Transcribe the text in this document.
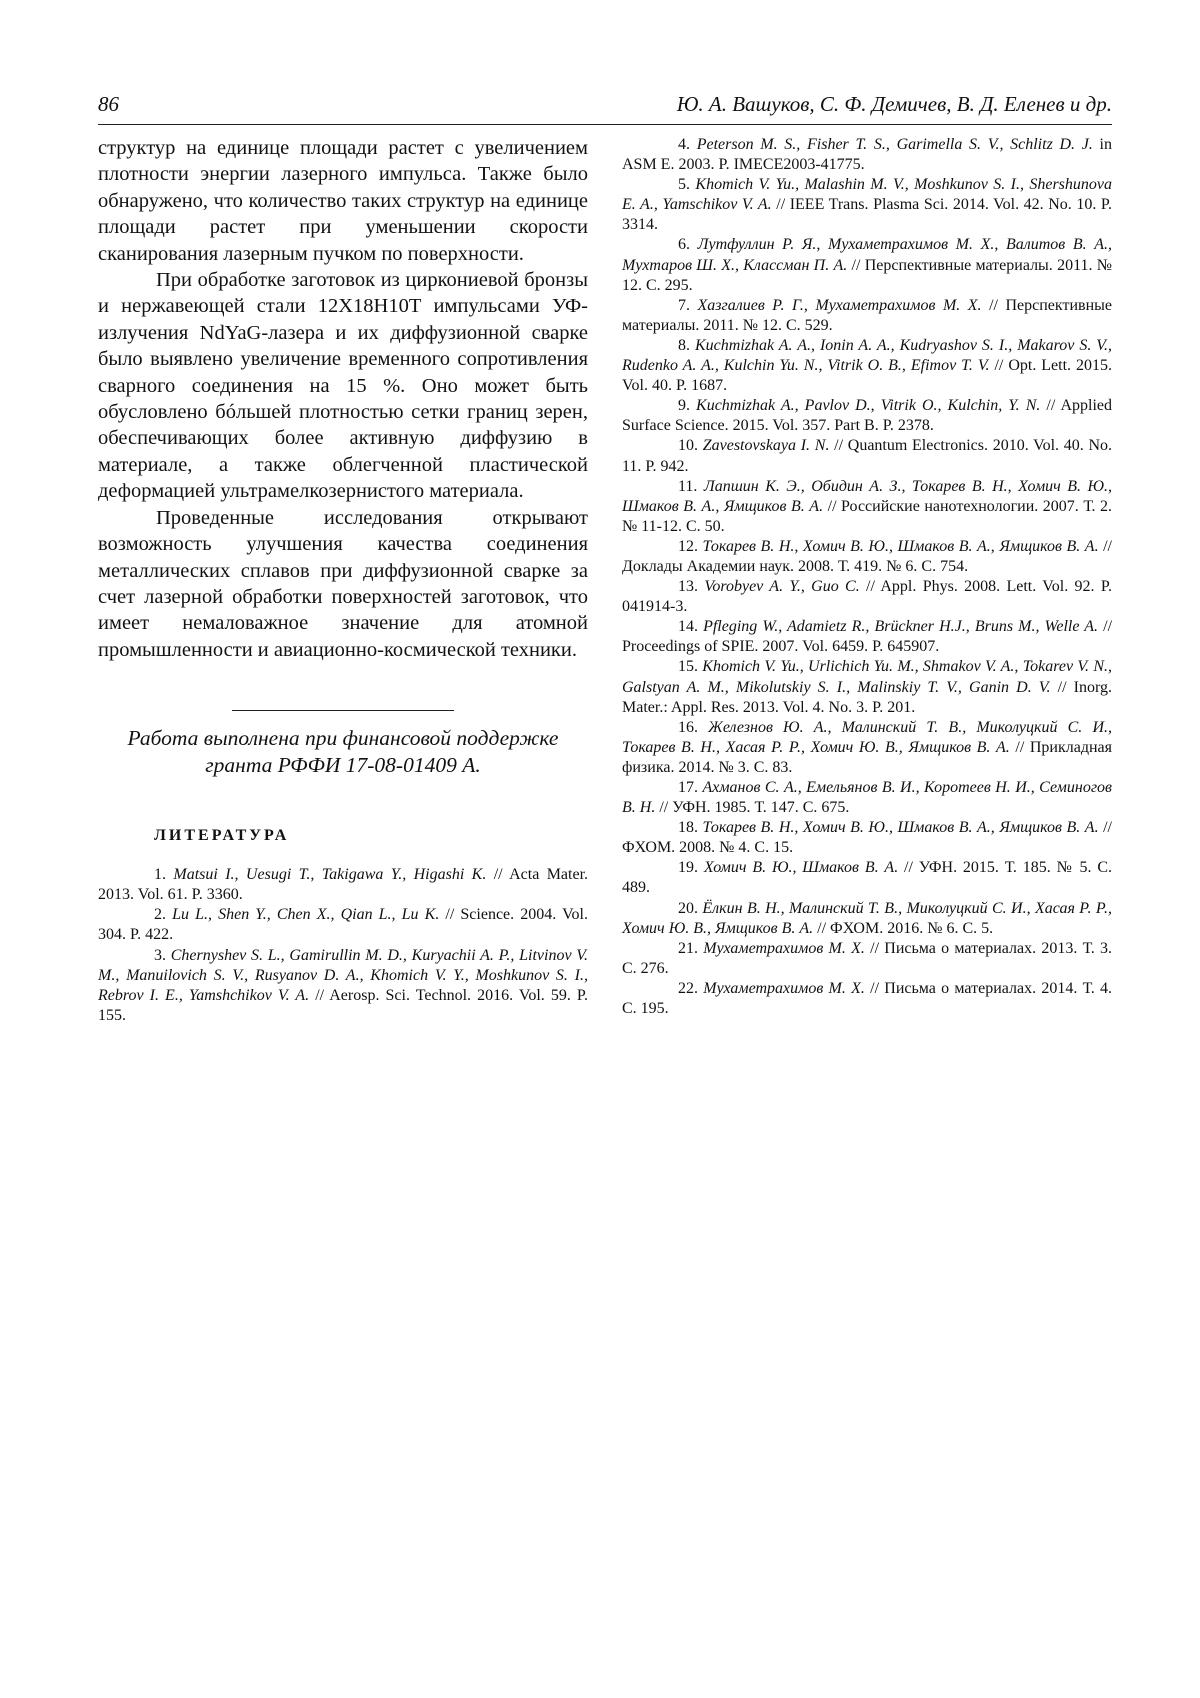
86	Ю. А. Вашуков, С. Ф. Демичев, В. Д. Еленев и др.

структур на единице площади растет с увеличением плотности энергии лазерного импульса. Также было обнаружено, что количество таких структур на единице площади растет при уменьшении скорости сканирования лазерным пучком по поверхности.

При обработке заготовок из циркониевой бронзы и нержавеющей стали 12Х18Н10Т импульсами УФ-излучения NdYaG-лазера и их диффузионной сварке было выявлено увеличение временного сопротивления сварного соединения на 15 %. Оно может быть обусловлено бóльшей плотностью сетки границ зерен, обеспечивающих более активную диффузию в материале, а также облегченной пластической деформацией ультрамелкозернистого материала.

Проведенные исследования открывают возможность улучшения качества соединения металлических сплавов при диффузионной сварке за счет лазерной обработки поверхностей заготовок, что имеет немаловажное значение для атомной промышленности и авиационно-космической техники.

Работа выполнена при финансовой поддержке гранта РФФИ 17-08-01409 А.

ЛИТЕРАТУРА

1. Matsui I., Uesugi T., Takigawa Y., Higashi K. // Acta Mater. 2013. Vol. 61. P. 3360.

2. Lu L., Shen Y., Chen X., Qian L., Lu K. // Science. 2004. Vol. 304. P. 422.

3. Chernyshev S. L., Gamirullin M. D., Kuryachii A. P., Litvinov V. M., Manuilovich S. V., Rusyanov D. A., Khomich V. Y., Moshkunov S. I., Rebrov I. E., Yamshchikov V. A. // Aerosp. Sci. Technol. 2016. Vol. 59. P. 155.

4. Peterson M. S., Fisher T. S., Garimella S. V., Schlitz D. J. in ASM E. 2003. P. IMECE2003-41775.

5. Khomich V. Yu., Malashin M. V., Moshkunov S. I., Shershunova E. A., Yamschikov V. A. // IEEE Trans. Plasma Sci. 2014. Vol. 42. No. 10. P. 3314.

6. Лутфуллин Р. Я., Мухаметрахимов М. Х., Валитов В. А., Мухтаров Ш. Х., Классман П. А. // Перспективные материалы. 2011. № 12. С. 295.

7. Хазгалиев Р. Г., Мухаметрахимов М. Х. // Перспективные материалы. 2011. № 12. С. 529.

8. Kuchmizhak A. A., Ionin A. A., Kudryashov S. I., Makarov S. V., Rudenko A. A., Kulchin Yu. N., Vitrik O. B., Efimov T. V. // Opt. Lett. 2015. Vol. 40. P. 1687.

9. Kuchmizhak A., Pavlov D., Vitrik O., Kulchin, Y. N. // Applied Surface Science. 2015. Vol. 357. Part B. P. 2378.

10. Zavestovskaya I. N. // Quantum Electronics. 2010. Vol. 40. No. 11. P. 942.

11. Лапшин К. Э., Обидин А. З., Токарев В. Н., Хомич В. Ю., Шмаков В. А., Ямщиков В. А. // Российские нанотехнологии. 2007. Т. 2. № 11-12. С. 50.

12. Токарев В. Н., Хомич В. Ю., Шмаков В. А., Ямщиков В. А. // Доклады Академии наук. 2008. Т. 419. № 6. С. 754.

13. Vorobyev A. Y., Guo C. // Appl. Phys. 2008. Lett. Vol. 92. P. 041914-3.

14. Pfleging W., Adamietz R., Brückner H.J., Bruns M., Welle A. // Proceedings of SPIE. 2007. Vol. 6459. P. 645907.

15. Khomich V. Yu., Urlichich Yu. M., Shmakov V. A., Tokarev V. N., Galstyan A. M., Mikolutskiy S. I., Malinskiy T. V., Ganin D. V. // Inorg. Mater.: Appl. Res. 2013. Vol. 4. No. 3. P. 201.

16. Железнов Ю. А., Малинский Т. В., Миколуцкий С. И., Токарев В. Н., Хасая Р. Р., Хомич Ю. В., Ямщиков В. А. // Прикладная физика. 2014. № 3. С. 83.

17. Ахманов С. А., Емельянов В. И., Коротеев Н. И., Семиногов В. Н. // УФН. 1985. Т. 147. С. 675.

18. Токарев В. Н., Хомич В. Ю., Шмаков В. А., Ямщиков В. А. // ФХОМ. 2008. № 4. С. 15.

19. Хомич В. Ю., Шмаков В. А. // УФН. 2015. Т. 185. № 5. С. 489.

20. Ёлкин В. Н., Малинский Т. В., Миколуцкий С. И., Хасая Р. Р., Хомич Ю. В., Ямщиков В. А. // ФХОМ. 2016. № 6. С. 5.

21. Мухаметрахимов М. Х. // Письма о материалах. 2013. Т. 3. С. 276.

22. Мухаметрахимов М. Х. // Письма о материалах. 2014. Т. 4. С. 195.
